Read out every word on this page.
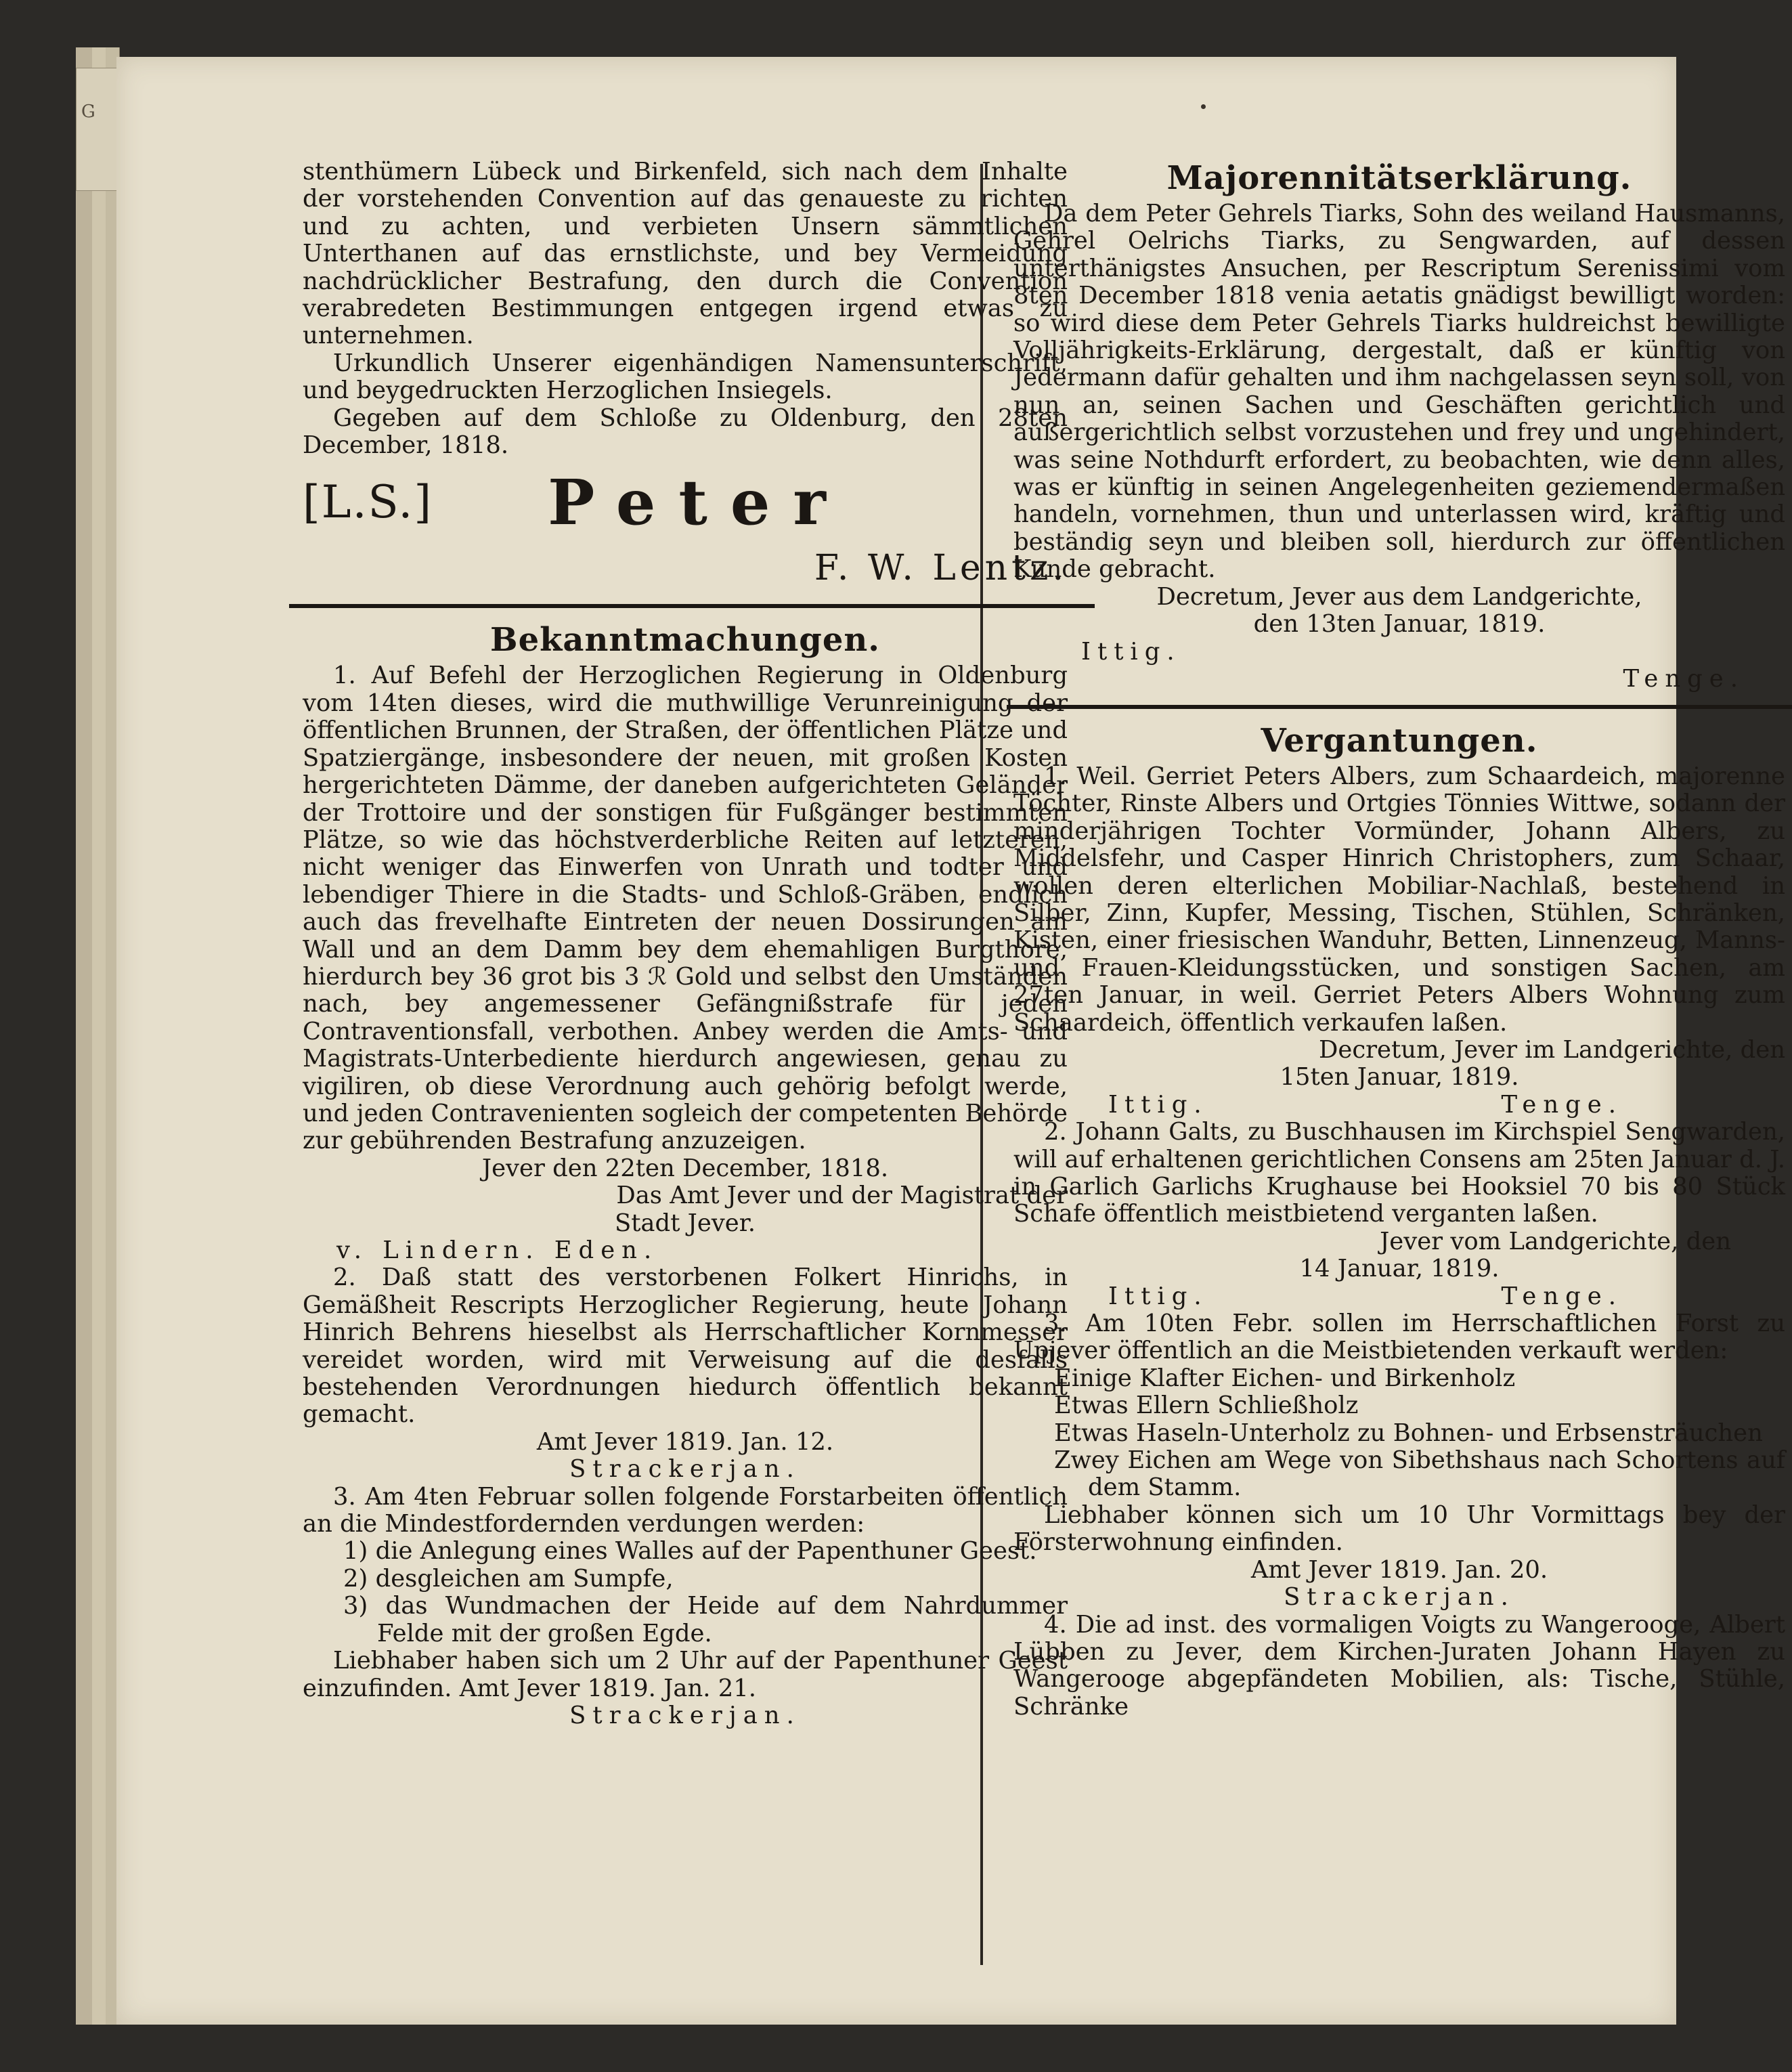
G

stenthümern Lübeck und Birkenfeld, sich nach dem Inhalte der vorstehenden Convention auf das genaueste zu richten und zu achten, und verbieten Unsern sämmtlichen Unterthanen auf das ernstlichste, und bey Vermeidung nachdrücklicher Bestrafung, den durch die Convention verabredeten Bestimmungen entgegen irgend etwas zu unternehmen.

Urkundlich Unserer eigenhändigen Namensunterschrift, und beygedruckten Herzoglichen Insiegels.

Gegeben auf dem Schloße zu Oldenburg, den 28ten December, 1818.

[L.S.] Peter
F. W. Lentz.
Bekanntmachungen.

1. Auf Befehl der Herzoglichen Regierung in Oldenburg vom 14ten dieses, wird die muthwillige Verunreinigung der öffentlichen Brunnen, der Straßen, der öffentlichen Plätze und Spatziergänge, insbesondere der neuen, mit großen Kosten hergerichteten Dämme, der daneben aufgerichteten Geländer der Trottoire und der sonstigen für Fußgänger bestimmten Plätze, so wie das höchstverderbliche Reiten auf letzteren, nicht weniger das Einwerfen von Unrath und todter und lebendiger Thiere in die Stadts- und Schloß-Gräben, endlich auch das frevelhafte Eintreten der neuen Dossirungen am Wall und an dem Damm bey dem ehemahligen Burgthore, hierdurch bey 36 grot bis 3 ℛ Gold und selbst den Umständen nach, bey angemessener Gefängnißstrafe für jeden Contraventionsfall, verbothen. Anbey werden die Amts- und Magistrats-Unterbediente hierdurch angewiesen, genau zu vigiliren, ob diese Verordnung auch gehörig befolgt werde, und jeden Contravenienten sogleich der competenten Behörde zur gebührenden Bestrafung anzuzeigen.

Jever den 22ten December, 1818.

Das Amt Jever und der Magistrat der

Stadt Jever.

v. Lindern. Eden.

2. Daß statt des verstorbenen Folkert Hinrichs, in Gemäßheit Rescripts Herzoglicher Regierung, heute Johann Hinrich Behrens hieselbst als Herrschaftlicher Kornmesser vereidet worden, wird mit Verweisung auf die desfalls bestehenden Verordnungen hiedurch öffentlich bekannt gemacht.

Amt Jever 1819. Jan. 12.

Strackerjan.

3. Am 4ten Februar sollen folgende Forstarbeiten öffentlich an die Mindestfordernden verdungen werden:

1) die Anlegung eines Walles auf der Papenthuner Geest.

2) desgleichen am Sumpfe,

3) das Wundmachen der Heide auf dem Nahrdummer Felde mit der großen Egde.

Liebhaber haben sich um 2 Uhr auf der Papenthuner Geest einzufinden. Amt Jever 1819. Jan. 21.

Strackerjan.

Majorennitätserklärung.

Da dem Peter Gehrels Tiarks, Sohn des weiland Hausmanns, Gehrel Oelrichs Tiarks, zu Sengwarden, auf dessen unterthänigstes Ansuchen, per Rescriptum Serenissimi vom 8ten December 1818 venia aetatis gnädigst bewilligt worden: so wird diese dem Peter Gehrels Tiarks huldreichst bewilligte Volljährigkeits-Erklärung, dergestalt, daß er künftig von Jedermann dafür gehalten und ihm nachgelassen seyn soll, von nun an, seinen Sachen und Geschäften gerichtlich und außergerichtlich selbst vorzustehen und frey und ungehindert, was seine Nothdurft erfordert, zu beobachten, wie denn alles, was er künftig in seinen Angelegenheiten geziemendermaßen handeln, vornehmen, thun und unterlassen wird, kräftig und beständig seyn und bleiben soll, hierdurch zur öffentlichen Kunde gebracht.

Decretum, Jever aus dem Landgerichte,

den 13ten Januar, 1819.

Ittig.
Tenge.
Vergantungen.

1. Weil. Gerriet Peters Albers, zum Schaardeich, majorenne Töchter, Rinste Albers und Ortgies Tönnies Wittwe, sodann der minderjährigen Tochter Vormünder, Johann Albers, zu Middelsfehr, und Casper Hinrich Christophers, zum Schaar, wollen deren elterlichen Mobiliar-Nachlaß, bestehend in Silber, Zinn, Kupfer, Messing, Tischen, Stühlen, Schränken, Kisten, einer friesischen Wanduhr, Betten, Linnenzeug, Manns- und Frauen-Kleidungsstücken, und sonstigen Sachen, am 27ten Januar, in weil. Gerriet Peters Albers Wohnung zum Schaardeich, öffentlich verkaufen laßen.

Decretum, Jever im Landgerichte, den

15ten Januar, 1819.

Ittig.	Tenge.

2. Johann Galts, zu Buschhausen im Kirchspiel Sengwarden, will auf erhaltenen gerichtlichen Consens am 25ten Januar d. J. in Garlich Garlichs Krughause bei Hooksiel 70 bis 80 Stück Schafe öffentlich meistbietend verganten laßen.

Jever vom Landgerichte, den

14 Januar, 1819.

Ittig.	Tenge.

3. Am 10ten Febr. sollen im Herrschaftlichen Forst zu Upjever öffentlich an die Meistbietenden verkauft werden:

Einige Klafter Eichen- und Birkenholz

Etwas Ellern Schließholz

Etwas Haseln-Unterholz zu Bohnen- und Erbsensträuchen

Zwey Eichen am Wege von Sibethshaus nach Schortens auf dem Stamm.

Liebhaber können sich um 10 Uhr Vormittags bey der Försterwohnung einfinden.

Amt Jever 1819. Jan. 20.

Strackerjan.

4. Die ad inst. des vormaligen Voigts zu Wangerooge, Albert Lübben zu Jever, dem Kirchen-Juraten Johann Hayen zu Wangerooge abgepfändeten Mobilien, als: Tische, Stühle, Schränke
